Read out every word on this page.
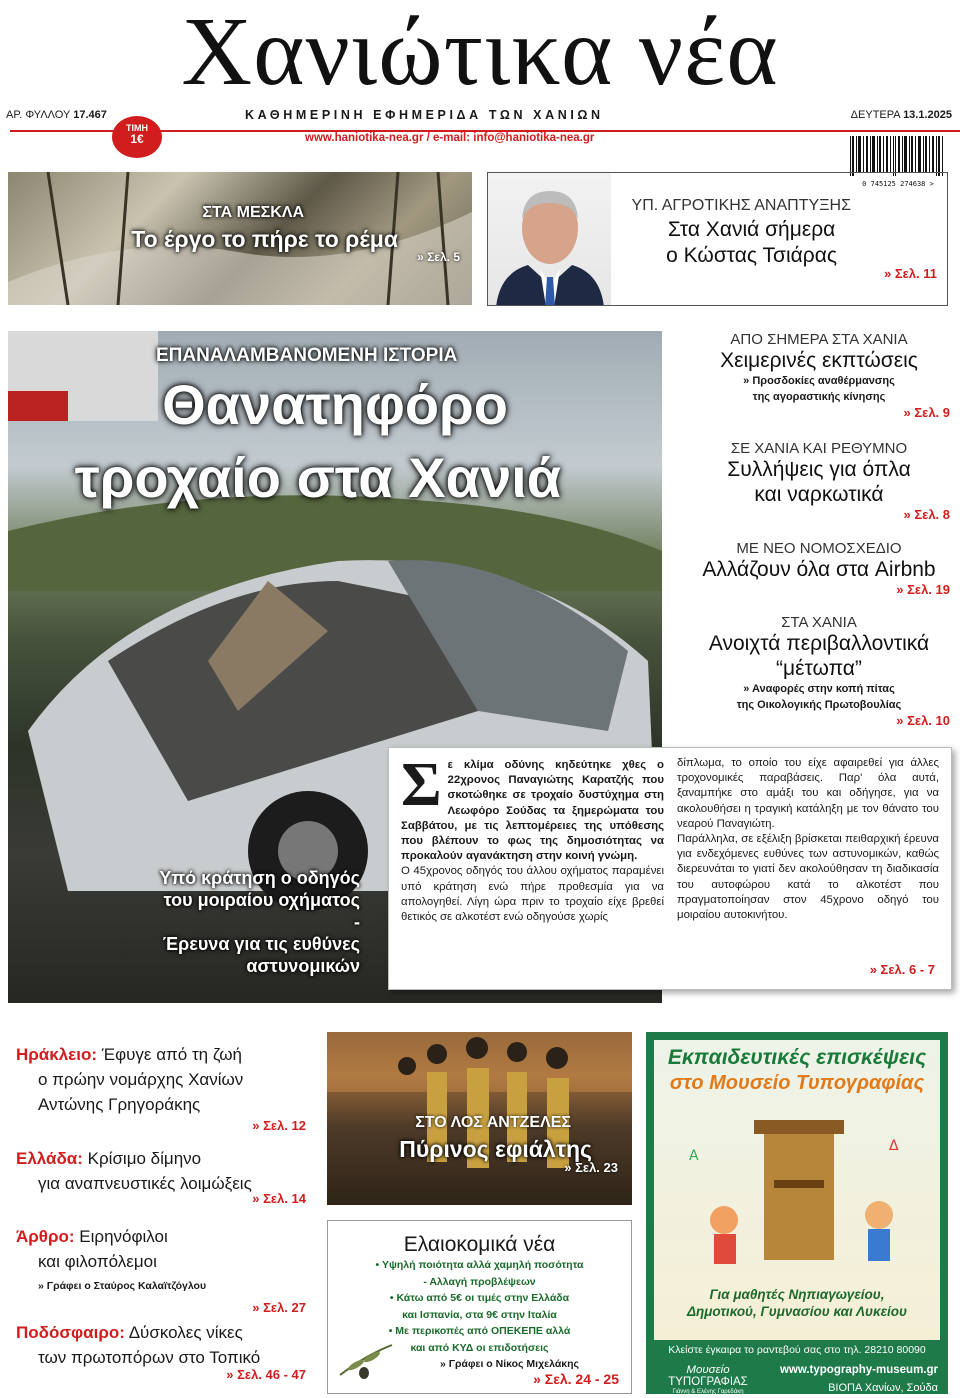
Χανιώτικα νέα
ΑΡ. ΦΥΛΛΟΥ 17.467	ΚΑΘΗΜΕΡΙΝΗ ΕΦΗΜΕΡΙΔΑ ΤΩΝ ΧΑΝΙΩΝ	ΔΕΥΤΕΡΑ 13.1.2025
ΤΙΜΗ
1€	www.haniotika-nea.gr / e-mail: info@haniotika-nea.gr
0 745125 274638 >
ΣΤΑ ΜΕΣΚΛΑ
Το έργο το πήρε το ρέμα
» Σελ. 5
ΥΠ. ΑΓΡΟΤΙΚΗΣ ΑΝΑΠΤΥΞΗΣ
Στα Χανιά σήμερα
ο Κώστας Τσιάρας
» Σελ. 11
ΕΠΑΝΑΛΑΜΒΑΝΟΜΕΝΗ ΙΣΤΟΡΙΑ
Θανατηφόρο
τροχαίο στα Χανιά
Υπό κράτηση ο οδηγός
του μοιραίου οχήματος
-
Έρευνα για τις ευθύνες
αστυνομικών
Σ ε κλίμα οδύνης κηδεύτηκε χθες ο 22χρονος Παναγιώτης Καρατζής που σκοτώθηκε σε τροχαίο δυστύχημα στη Λεωφόρο Σούδας τα ξημερώματα του Σαββάτου, με τις λεπτομέρειες της υπόθεσης που βλέπουν το φως της δημοσιότητας να προκαλούν αγανάκτηση στην κοινή γνώμη.
Ο 45χρονος οδηγός του άλλου οχήματος παραμένει υπό κράτηση ενώ πήρε προθεσμία για να απολογηθεί. Λίγη ώρα πριν το τροχαίο είχε βρεθεί θετικός σε αλκοτέστ ενώ οδηγούσε χωρίς
δίπλωμα, το οποίο του είχε αφαιρεθεί για άλλες τροχονομικές παραβάσεις. Παρ' όλα αυτά, ξαναμπήκε στο αμάξι του και οδήγησε, για να ακολουθήσει η τραγική κατάληξη με τον θάνατο του νεαρού Παναγιώτη.
Παράλληλα, σε εξέλιξη βρίσκεται πειθαρχική έρευνα για ενδεχόμενες ευθύνες των αστυνομικών, καθώς διερευνάται το γιατί δεν ακολούθησαν τη διαδικασία του αυτοφώρου κατά το αλκοτέστ που πραγματοποίησαν στον 45χρονο οδηγό του μοιραίου αυτοκινήτου.
» Σελ. 6 - 7
ΑΠΟ ΣΗΜΕΡΑ ΣΤΑ ΧΑΝΙΑ
Χειμερινές εκπτώσεις
» Προσδοκίες αναθέρμανσης
της αγοραστικής κίνησης
» Σελ. 9
ΣΕ ΧΑΝΙΑ ΚΑΙ ΡΕΘΥΜΝΟ
Συλλήψεις για όπλα
και ναρκωτικά
» Σελ. 8
ΜΕ ΝΕΟ ΝΟΜΟΣΧΕΔΙΟ
Αλλάζουν όλα στα Airbnb
» Σελ. 19
ΣΤΑ ΧΑΝΙΑ
Ανοιχτά περιβαλλοντικά
“μέτωπα”
» Αναφορές στην κοπή πίτας
της Οικολογικής Πρωτοβουλίας
» Σελ. 10
Ηράκλειο: Έφυγε από τη ζωή
ο πρώην νομάρχης Χανίων
Αντώνης Γρηγοράκης
» Σελ. 12
Ελλάδα: Κρίσιμο δίμηνο
για αναπνευστικές λοιμώξεις
» Σελ. 14
Άρθρο: Ειρηνόφιλοι
και φιλοπόλεμοι
» Γράφει ο Σταύρος Καλαϊτζόγλου
» Σελ. 27
Ποδόσφαιρο: Δύσκολες νίκες
των πρωτοπόρων στο Τοπικό
» Σελ. 46 - 47
ΣΤΟ ΛΟΣ ΑΝΤΖΕΛΕΣ
Πύρινος εφιάλτης
» Σελ. 23
Ελαιοκομικά νέα
• Υψηλή ποιότητα αλλά χαμηλή ποσότητα
- Αλλαγή προβλέψεων
• Κάτω από 5€ οι τιμές στην Ελλάδα
και Ισπανία, στα 9€ στην Ιταλία
• Με περικοπές από ΟΠΕΚΕΠΕ αλλά
και από ΚΥΔ οι επιδοτήσεις
» Γράφει ο Νίκος Μιχελάκης
» Σελ. 24 - 25
A
Δ
Εκπαιδευτικές επισκέψεις
στο Μουσείο Τυπογραφίας
Για μαθητές Νηπιαγωγείου,
Δημοτικού, Γυμνασίου και Λυκείου
Κλείστε έγκαιρα το ραντεβού σας στο τηλ. 28210 80090
Μουσείο
ΤΥΠΟΓΡΑΦΙΑΣ
Γιάννη & Ελένης Γαρεδάκη
www.typography-museum.gr
ΒΙΟΠΑ Χανίων, Σούδα
